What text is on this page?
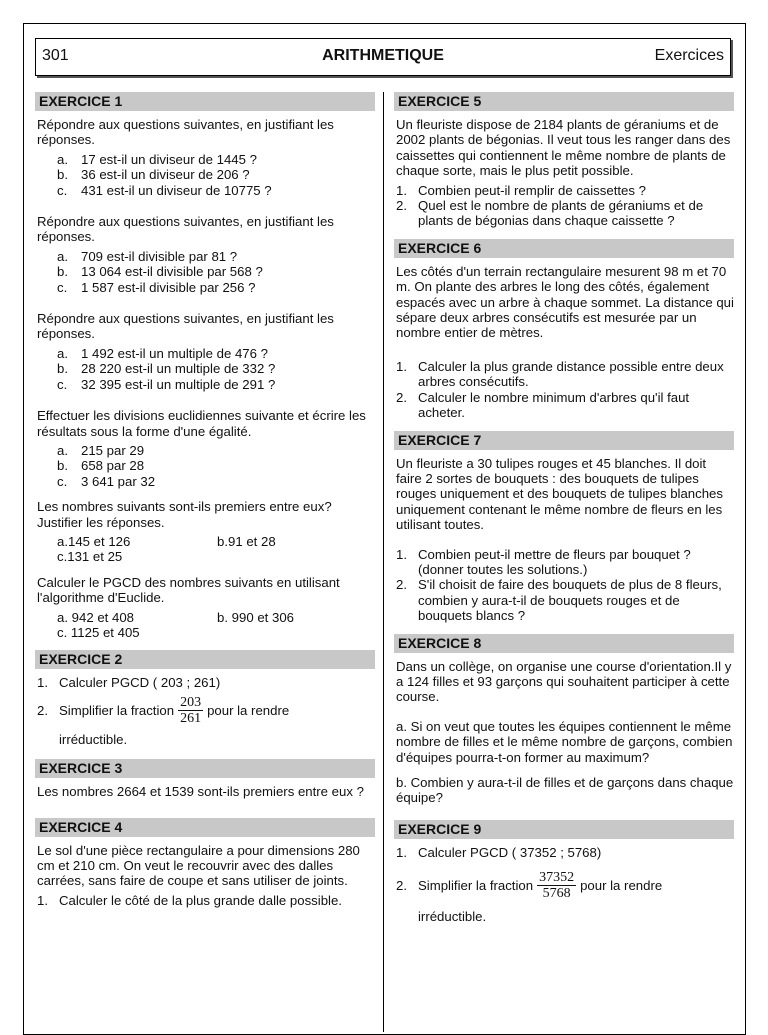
301	ARITHMETIQUE	Exercices
EXERCICE 1

Répondre aux questions suivantes, en justifiant les réponses.

a. 17 est-il un diviseur de 1445 ?
b. 36 est-il un diviseur de 206 ?
c.	431 est-il un diviseur de 10775 ?

Répondre aux questions suivantes, en justifiant les réponses.

a. 709 est-il divisible par 81 ?
b. 13 064 est-il divisible par 568 ?
c.	1 587 est-il divisible par 256 ?

Répondre aux questions suivantes, en justifiant les réponses.

a. 1 492 est-il un multiple de 476 ?
b. 28 220 est-il un multiple de 332 ?
c.	32 395 est-il un multiple de 291 ?

Effectuer les divisions euclidiennes suivante et écrire les résultats sous la forme d'une égalité.

a. 215 par 29
b. 658 par 28
c.	3 641 par 32

Les nombres suivants sont-ils premiers entre eux? Justifier les réponses.

a.145 et 126	b.91 et 28
c.131 et 25

Calculer le PGCD des nombres suivants en utilisant l'algorithme d'Euclide.

a. 942 et 408	b. 990 et 306
c. 1125 et 405
EXERCICE 2
1. Calculer PGCD ( 203 ; 261)
2. Simplifier la fraction $\frac{203}{261}$ pour la rendre

irréductible.

EXERCICE 3

Les nombres 2664 et 1539 sont-ils premiers entre eux ?

EXERCICE 4

Le sol d'une pièce rectangulaire a pour dimensions 280 cm et 210 cm. On veut le recouvrir avec des dalles carrées, sans faire de coupe et sans utiliser de joints.

1. Calculer le côté de la plus grande dalle possible.
EXERCICE 5

Un fleuriste dispose de 2184 plants de géraniums et de 2002 plants de bégonias. Il veut tous les ranger dans des caissettes qui contiennent le même nombre de plants de chaque sorte, mais le plus petit possible.

1. Combien peut-il remplir de caissettes ?
2. Quel est le nombre de plants de géraniums et de plants de bégonias dans chaque caissette ?
EXERCICE 6

Les côtés d'un terrain rectangulaire mesurent 98 m et 70 m. On plante des arbres le long des côtés, également espacés avec un arbre à chaque sommet. La distance qui sépare deux arbres consécutifs est mesurée par un nombre entier de mètres.

1. Calculer la plus grande distance possible entre deux arbres consécutifs.
2. Calculer le nombre minimum d'arbres qu'il faut acheter.
EXERCICE 7

Un fleuriste a 30 tulipes rouges et 45 blanches. Il doit faire 2 sortes de bouquets : des bouquets de tulipes rouges uniquement et des bouquets de tulipes blanches uniquement contenant le même nombre de fleurs en les utilisant toutes.

1. Combien peut-il mettre de fleurs par bouquet ? (donner toutes les solutions.)
2. S'il choisit de faire des bouquets de plus de 8 fleurs, combien y aura-t-il de bouquets rouges et de bouquets blancs ?
EXERCICE 8

Dans un collège, on organise une course d'orientation.Il y a 124 filles et 93 garçons qui souhaitent participer à cette course.

a. Si on veut que toutes les équipes contiennent le même nombre de filles et le même nombre de garçons, combien d'équipes pourra-t-on former au maximum?

b. Combien y aura-t-il de filles et de garçons dans chaque équipe?

EXERCICE 9
1. Calculer PGCD ( 37352 ; 5768)
2. Simplifier la fraction $\frac{37352}{5768}$ pour la rendre

irréductible.
